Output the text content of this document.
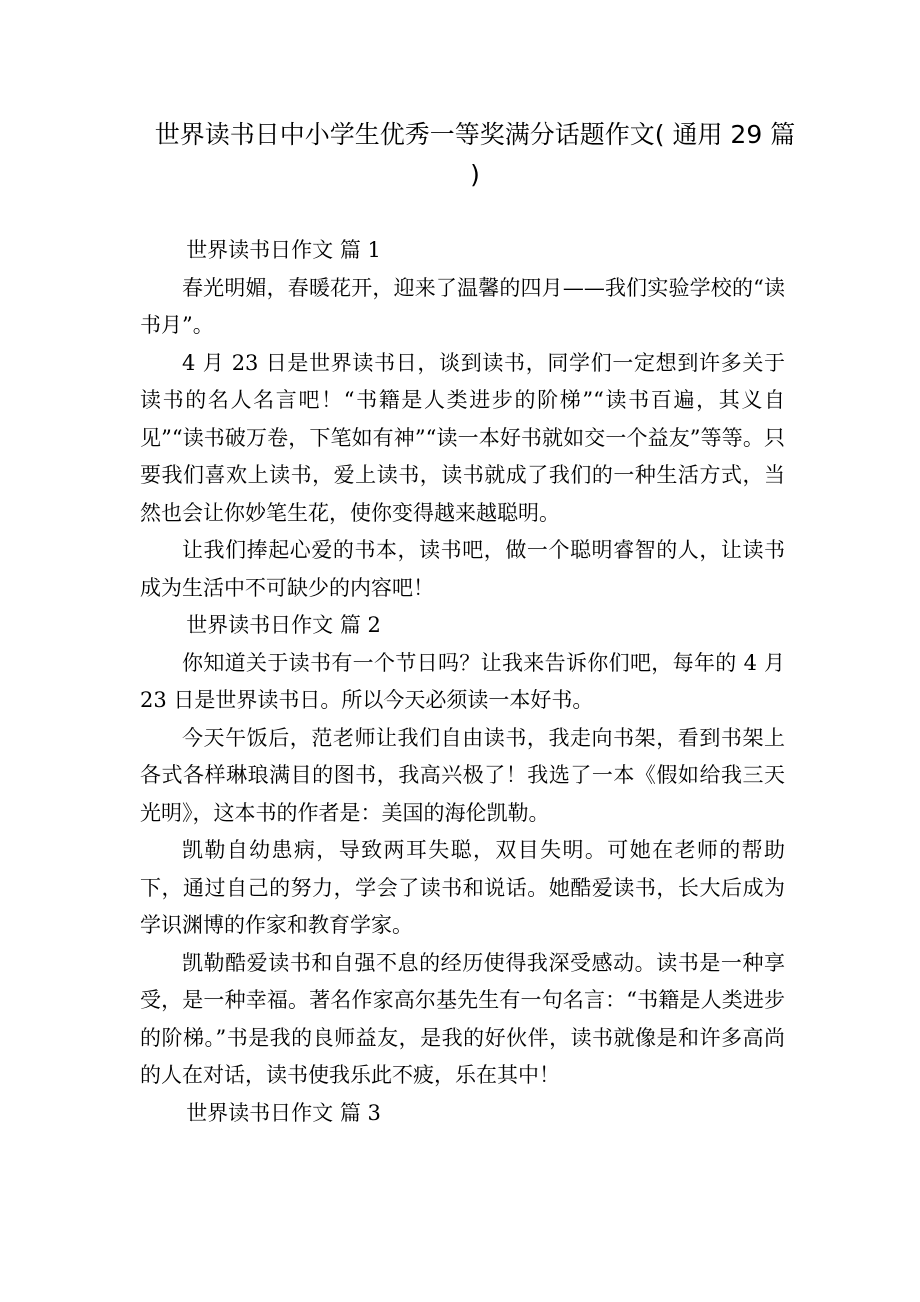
世界读书日中小学生优秀一等奖满分话题作文( 通用 29 篇 )

世界读书日作文 篇 1

春光明媚，春暖花开，迎来了温馨的四月——我们实验学校的“读书月”。

4 月 23 日是世界读书日，谈到读书，同学们一定想到许多关于读书的名人名言吧！“书籍是人类进步的阶梯”“读书百遍，其义自见”“读书破万卷，下笔如有神”“读一本好书就如交一个益友”等等。只要我们喜欢上读书，爱上读书，读书就成了我们的一种生活方式，当然也会让你妙笔生花，使你变得越来越聪明。

让我们捧起心爱的书本，读书吧，做一个聪明睿智的人，让读书成为生活中不可缺少的内容吧！

世界读书日作文 篇 2

你知道关于读书有一个节日吗？让我来告诉你们吧，每年的 4 月 23 日是世界读书日。所以今天必须读一本好书。

今天午饭后，范老师让我们自由读书，我走向书架，看到书架上各式各样琳琅满目的图书，我高兴极了！我选了一本《假如给我三天光明》，这本书的作者是：美国的海伦凯勒。

凯勒自幼患病，导致两耳失聪，双目失明。可她在老师的帮助下，通过自己的努力，学会了读书和说话。她酷爱读书，长大后成为学识渊博的作家和教育学家。

凯勒酷爱读书和自强不息的经历使得我深受感动。读书是一种享受，是一种幸福。著名作家高尔基先生有一句名言：“书籍是人类进步的阶梯。”书是我的良师益友，是我的好伙伴，读书就像是和许多高尚的人在对话，读书使我乐此不疲，乐在其中！

世界读书日作文 篇 3
